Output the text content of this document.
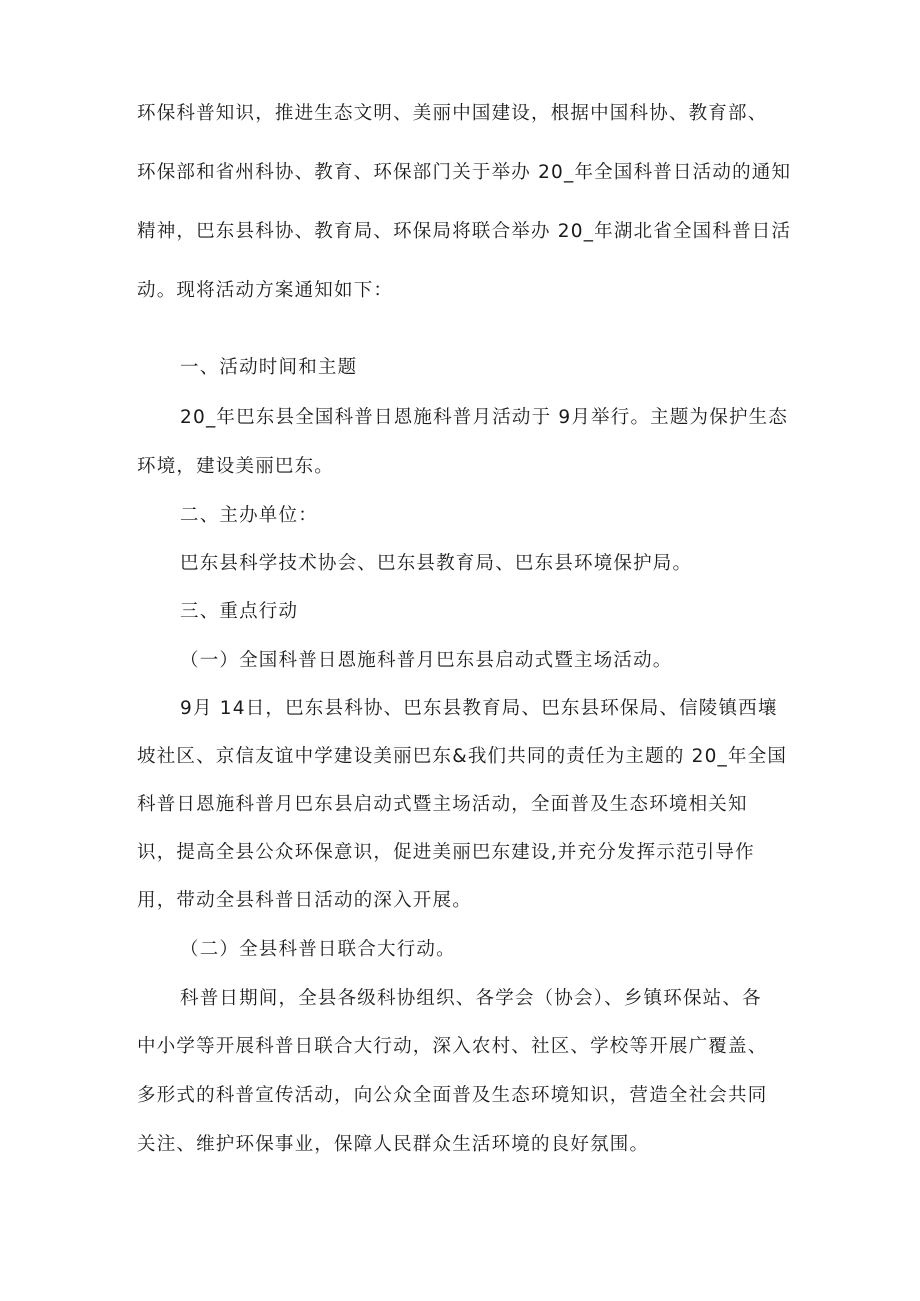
环保科普知识，推进生态文明、美丽中国建设，根据中国科协、教育部、

环保部和省州科协、教育、环保部门关于举办 20_年全国科普日活动的通知

精神，巴东县科协、教育局、环保局将联合举办 20_年湖北省全国科普日活

动。现将活动方案通知如下：

一、活动时间和主题

20_年巴东县全国科普日恩施科普月活动于 9月举行。主题为保护生态

环境，建设美丽巴东。

二、主办单位：

巴东县科学技术协会、巴东县教育局、巴东县环境保护局。

三、重点行动

（一）全国科普日恩施科普月巴东县启动式暨主场活动。

9月 14日，巴东县科协、巴东县教育局、巴东县环保局、信陵镇西壤

坡社区、京信友谊中学建设美丽巴东&我们共同的责任为主题的 20_年全国

科普日恩施科普月巴东县启动式暨主场活动，全面普及生态环境相关知

识，提高全县公众环保意识，促进美丽巴东建设,并充分发挥示范引导作

用，带动全县科普日活动的深入开展。

（二）全县科普日联合大行动。

科普日期间，全县各级科协组织、各学会（协会）、乡镇环保站、各

中小学等开展科普日联合大行动，深入农村、社区、学校等开展广覆盖、

多形式的科普宣传活动，向公众全面普及生态环境知识，营造全社会共同

关注、维护环保事业，保障人民群众生活环境的良好氛围。
